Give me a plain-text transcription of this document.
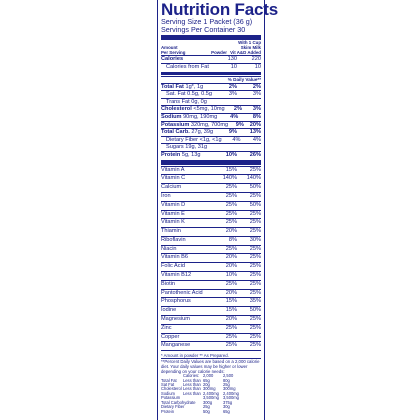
Nutrition Facts
Serving Size 1 Packet (36 g)
Servings Per Container 30
With 1 Cup
Amount	Skim Milk
Per Serving	Powder Vit A&D Added
Calories	130	220
Calories from Fat	10	10
% Daily Value**
Total Fat 1g*, 1g	2%	2%
Sat. Fat 0.5g, 0.5g	3%	3%
Trans Fat 0g, 0g
Cholesterol <5mg, 10mg	2%	3%
Sodium 90mg, 190mg	4%	8%
Potassium 320mg, 700mg	9%	20%
Total Carb. 27g, 39g	9%	13%
Dietary Fiber <1g, <1g	4%	4%
Sugars 19g, 31g
Protein 5g, 13g	10%	26%
Vitamin A	15%	25%
Vitamin C	140%	140%
Calcium	25%	50%
Iron	25%	25%
Vitamin D	25%	50%
Vitamin E	25%	25%
Vitamin K	25%	25%
Thiamin	20%	25%
Riboflavin	8%	30%
Niacin	25%	25%
Vitamin B6	20%	25%
Folic Acid	20%	25%
Vitamin B12	10%	25%
Biotin	25%	25%
Pantothenic Acid	20%	25%
Phosphorus	15%	35%
Iodine	15%	50%
Magnesium	20%	25%
Zinc	25%	25%
Copper	25%	25%
Manganese	25%	25%
* Amount in powder ** As Prepared.
**Percent Daily Values are based on a 2,000 calorie diet. Your daily values may be higher or lower depending on your calorie needs:
Calories: 2,000	2,500
Total Fat	Less than 65g	80g
Sat Fat	Less than 20g	25g
Cholesterol Less than 300mg	300mg
Sodium	Less than 2,400mg 2,400mg
Potassium	3,500mg 3,500mg
Total Carbohydrate 300g	375g
Dietary Fiber	25g	30g
Protein	50g	65g
